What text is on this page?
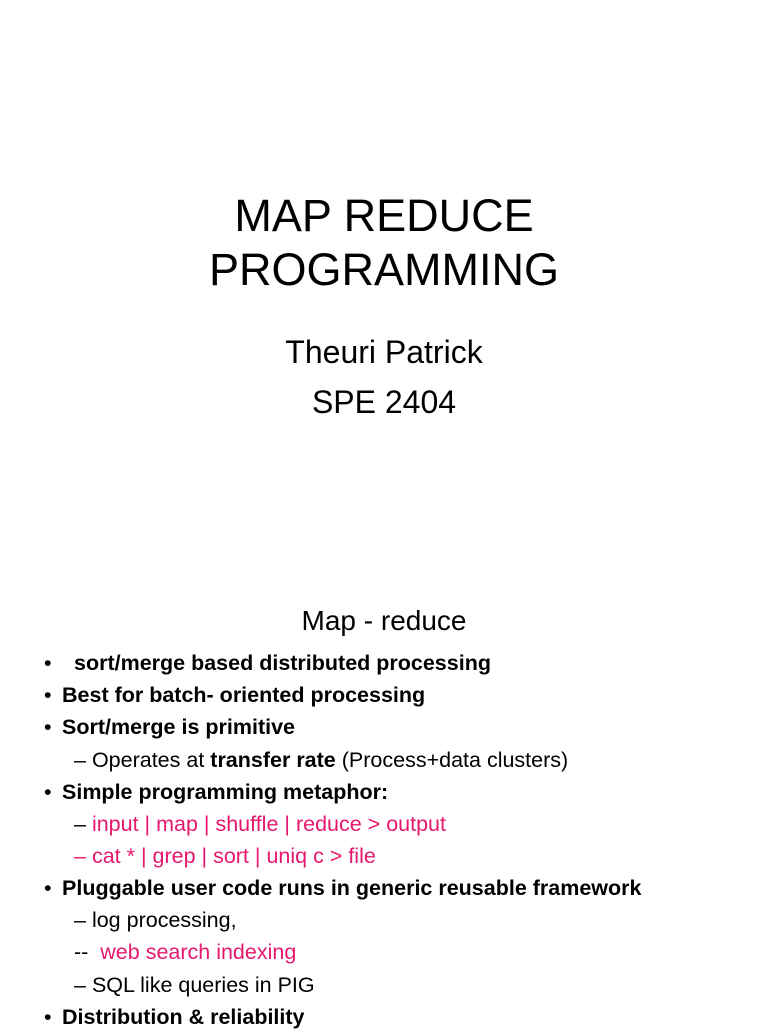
MAP REDUCE
PROGRAMMING
Theuri Patrick
SPE 2404
Map - reduce
• sort/merge based distributed processing
• Best for batch- oriented processing
• Sort/merge is primitive
– Operates at transfer rate (Process+data clusters)
• Simple programming metaphor:
– input | map | shuffle | reduce > output
– cat * | grep | sort | uniq c > file
• Pluggable user code runs in generic reusable framework
– log processing,
-- web search indexing
– SQL like queries in PIG
• Distribution & reliability
